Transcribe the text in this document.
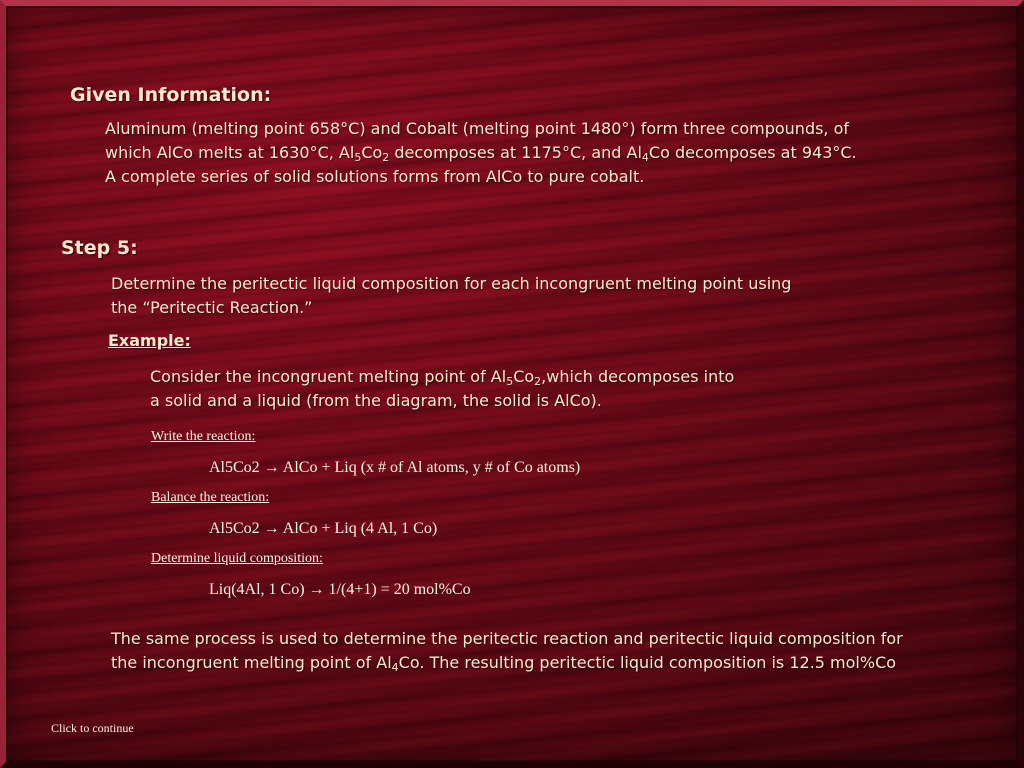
Given Information:
Aluminum (melting point 658°C) and Cobalt (melting point 1480°) form three compounds, of
which AlCo melts at 1630°C, $Al_5Co_2$ decomposes at 1175°C, and $Al_4Co$ decomposes at 943°C.
A complete series of solid solutions forms from AlCo to pure cobalt.
Step 5:
Determine the peritectic liquid composition for each incongruent melting point using
the “Peritectic Reaction.”
Example:
Consider the incongruent melting point of $Al_5Co_2,which$ decomposes into
a solid and a liquid (from the diagram, the solid is AlCo).
Write the reaction:
Al5Co2 → AlCo + Liq (x # of Al atoms, y # of Co atoms)
Balance the reaction:
Al5Co2 → AlCo + Liq (4 Al, 1 Co)
Determine liquid composition:
Liq(4Al, 1 Co) → 1/(4+1) = 20 mol%Co
The same process is used to determine the peritectic reaction and peritectic liquid composition for
the incongruent melting point of $Al_4Co$. The resulting peritectic liquid composition is 12.5 mol%Co
Click to continue
